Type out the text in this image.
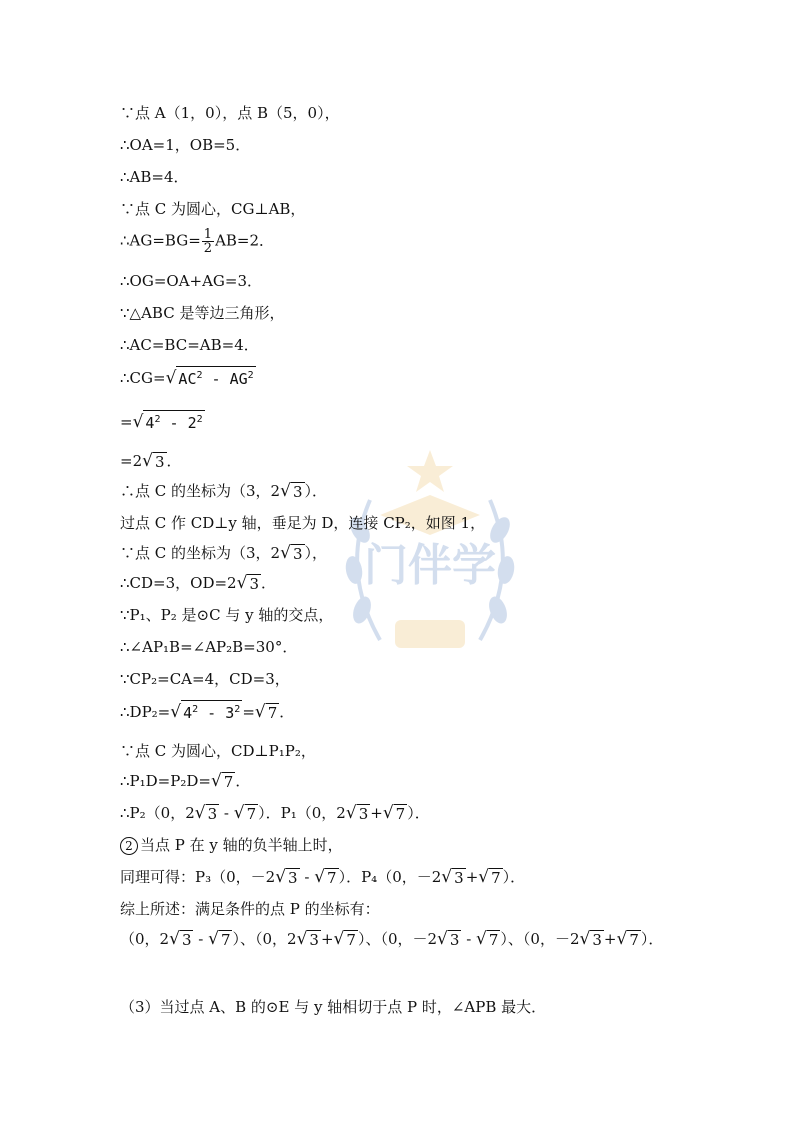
门伴学
∵点 A（1，0），点 B（5，0），
∴OA=1，OB=5．
∴AB=4．
∵点 C 为圆心，CG⊥AB，
∴AG=BG= $\frac{1}{2} AB=2$．
∴OG=OA+AG=3．
∵△ABC 是等边三角形，
∴AC=BC=AB=4．
∴CG= √ $AC^2 - AG^2$
= √ $4^2 - 2^2$
=2 √ 3 ．
∴点 C 的坐标为（3，2 √ 3 ）．
过点 C 作 CD⊥y 轴，垂足为 D，连接 CP₂，如图 1，
∵点 C 的坐标为（3，2 √ 3 ），
∴CD=3，OD=2 √ 3 ．
∵P₁、P₂ 是⊙C 与 y 轴的交点，
∴∠AP₁B=∠AP₂B=30°．
∵CP₂=CA=4，CD=3，
∴DP₂= √ $4^2 - 3^2$ = √ 7 ．
∵点 C 为圆心，CD⊥P₁P₂，
∴P₁D=P₂D= √ 7 ．
∴P₂（0，2 √ 3 - √ 7 ）．P₁（0，2 √ 3 + √ 7 ）．
2 当点 P 在 y 轴的负半轴上时，
同理可得：P₃（0，－2 √ 3 - √ 7 ）．P₄（0，－2 √ 3 + √ 7 ）．
综上所述：满足条件的点 P 的坐标有：
（0，2 √ 3 - √ 7 ）、（0，2 √ 3 + √ 7 ）、（0，－2 √ 3 - √ 7 ）、（0，－2 √ 3 + √ 7 ）．
（3）当过点 A、B 的⊙E 与 y 轴相切于点 P 时，∠APB 最大．
